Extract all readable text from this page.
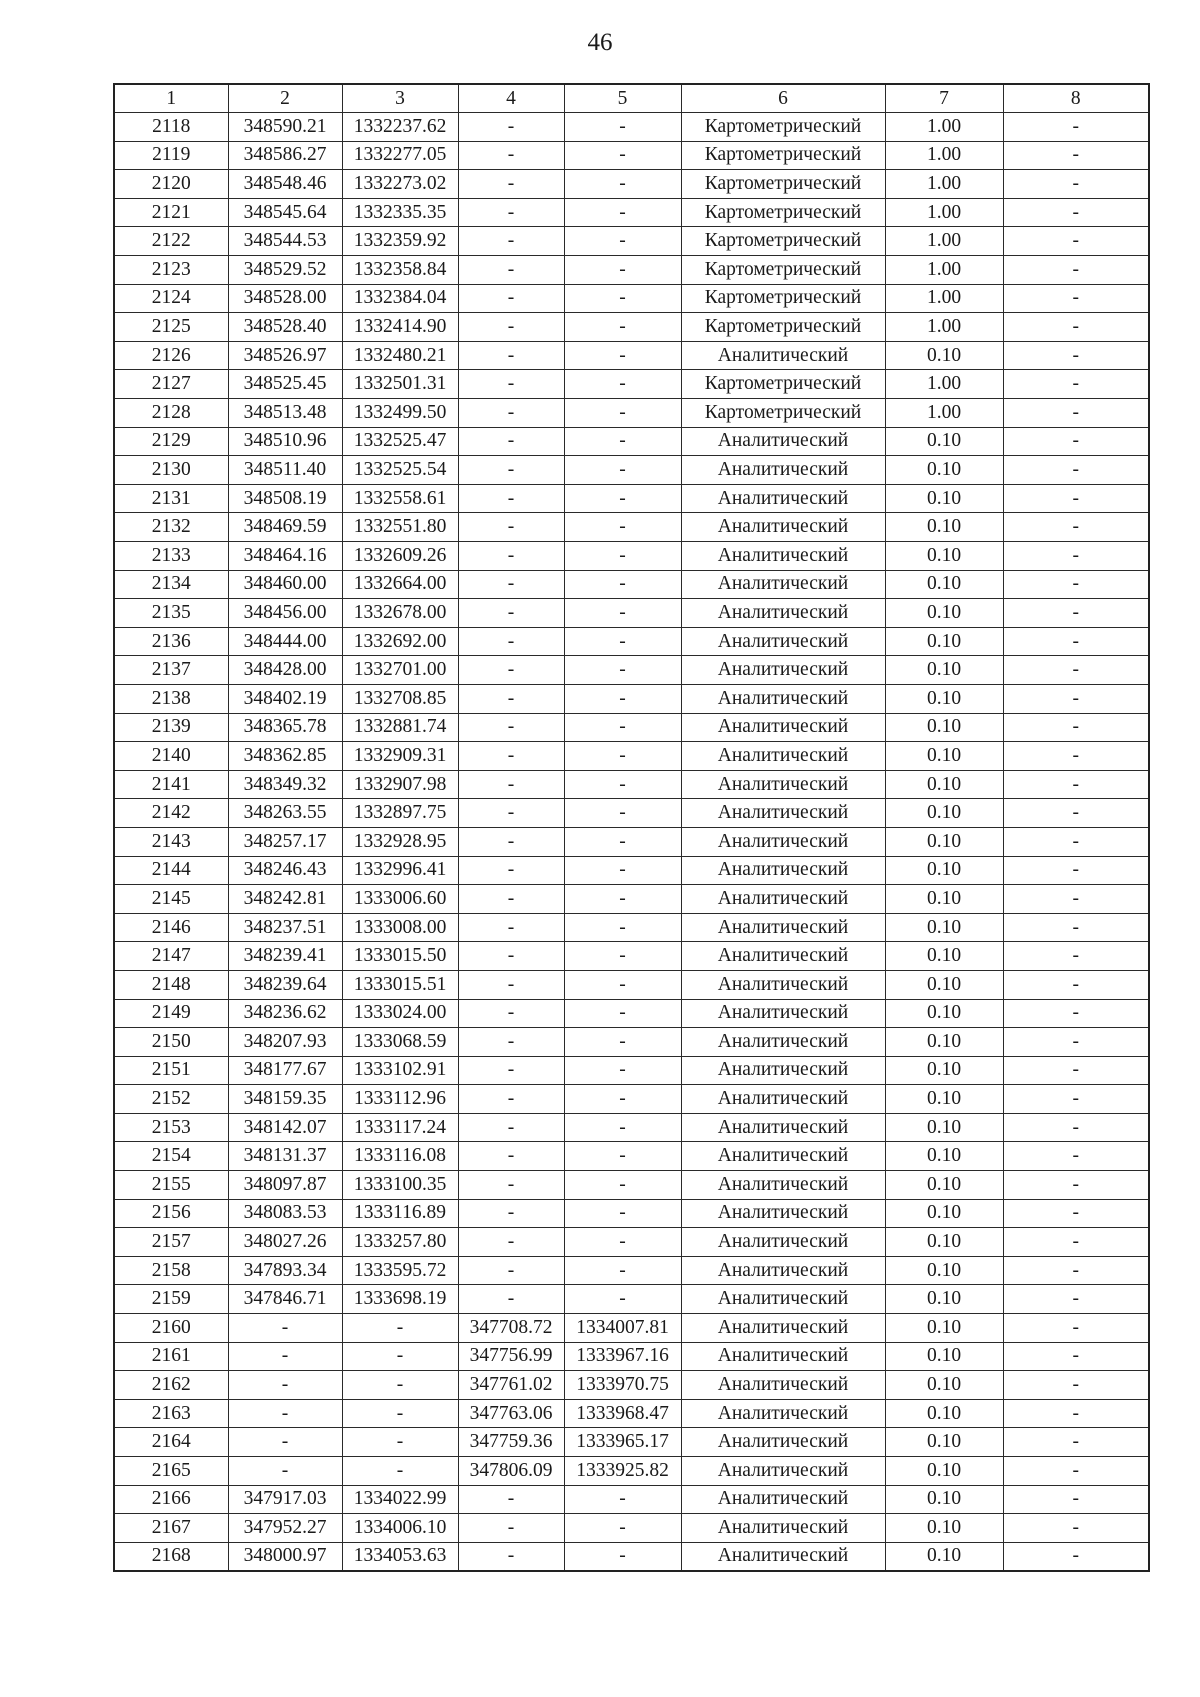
46
1	2	3	4	5	6	7	8
2118	348590.21	1332237.62	-	-	Картометрический	1.00	-
2119	348586.27	1332277.05	-	-	Картометрический	1.00	-
2120	348548.46	1332273.02	-	-	Картометрический	1.00	-
2121	348545.64	1332335.35	-	-	Картометрический	1.00	-
2122	348544.53	1332359.92	-	-	Картометрический	1.00	-
2123	348529.52	1332358.84	-	-	Картометрический	1.00	-
2124	348528.00	1332384.04	-	-	Картометрический	1.00	-
2125	348528.40	1332414.90	-	-	Картометрический	1.00	-
2126	348526.97	1332480.21	-	-	Аналитический	0.10	-
2127	348525.45	1332501.31	-	-	Картометрический	1.00	-
2128	348513.48	1332499.50	-	-	Картометрический	1.00	-
2129	348510.96	1332525.47	-	-	Аналитический	0.10	-
2130	348511.40	1332525.54	-	-	Аналитический	0.10	-
2131	348508.19	1332558.61	-	-	Аналитический	0.10	-
2132	348469.59	1332551.80	-	-	Аналитический	0.10	-
2133	348464.16	1332609.26	-	-	Аналитический	0.10	-
2134	348460.00	1332664.00	-	-	Аналитический	0.10	-
2135	348456.00	1332678.00	-	-	Аналитический	0.10	-
2136	348444.00	1332692.00	-	-	Аналитический	0.10	-
2137	348428.00	1332701.00	-	-	Аналитический	0.10	-
2138	348402.19	1332708.85	-	-	Аналитический	0.10	-
2139	348365.78	1332881.74	-	-	Аналитический	0.10	-
2140	348362.85	1332909.31	-	-	Аналитический	0.10	-
2141	348349.32	1332907.98	-	-	Аналитический	0.10	-
2142	348263.55	1332897.75	-	-	Аналитический	0.10	-
2143	348257.17	1332928.95	-	-	Аналитический	0.10	-
2144	348246.43	1332996.41	-	-	Аналитический	0.10	-
2145	348242.81	1333006.60	-	-	Аналитический	0.10	-
2146	348237.51	1333008.00	-	-	Аналитический	0.10	-
2147	348239.41	1333015.50	-	-	Аналитический	0.10	-
2148	348239.64	1333015.51	-	-	Аналитический	0.10	-
2149	348236.62	1333024.00	-	-	Аналитический	0.10	-
2150	348207.93	1333068.59	-	-	Аналитический	0.10	-
2151	348177.67	1333102.91	-	-	Аналитический	0.10	-
2152	348159.35	1333112.96	-	-	Аналитический	0.10	-
2153	348142.07	1333117.24	-	-	Аналитический	0.10	-
2154	348131.37	1333116.08	-	-	Аналитический	0.10	-
2155	348097.87	1333100.35	-	-	Аналитический	0.10	-
2156	348083.53	1333116.89	-	-	Аналитический	0.10	-
2157	348027.26	1333257.80	-	-	Аналитический	0.10	-
2158	347893.34	1333595.72	-	-	Аналитический	0.10	-
2159	347846.71	1333698.19	-	-	Аналитический	0.10	-
2160	-	-	347708.72	1334007.81	Аналитический	0.10	-
2161	-	-	347756.99	1333967.16	Аналитический	0.10	-
2162	-	-	347761.02	1333970.75	Аналитический	0.10	-
2163	-	-	347763.06	1333968.47	Аналитический	0.10	-
2164	-	-	347759.36	1333965.17	Аналитический	0.10	-
2165	-	-	347806.09	1333925.82	Аналитический	0.10	-
2166	347917.03	1334022.99	-	-	Аналитический	0.10	-
2167	347952.27	1334006.10	-	-	Аналитический	0.10	-
2168	348000.97	1334053.63	-	-	Аналитический	0.10	-
